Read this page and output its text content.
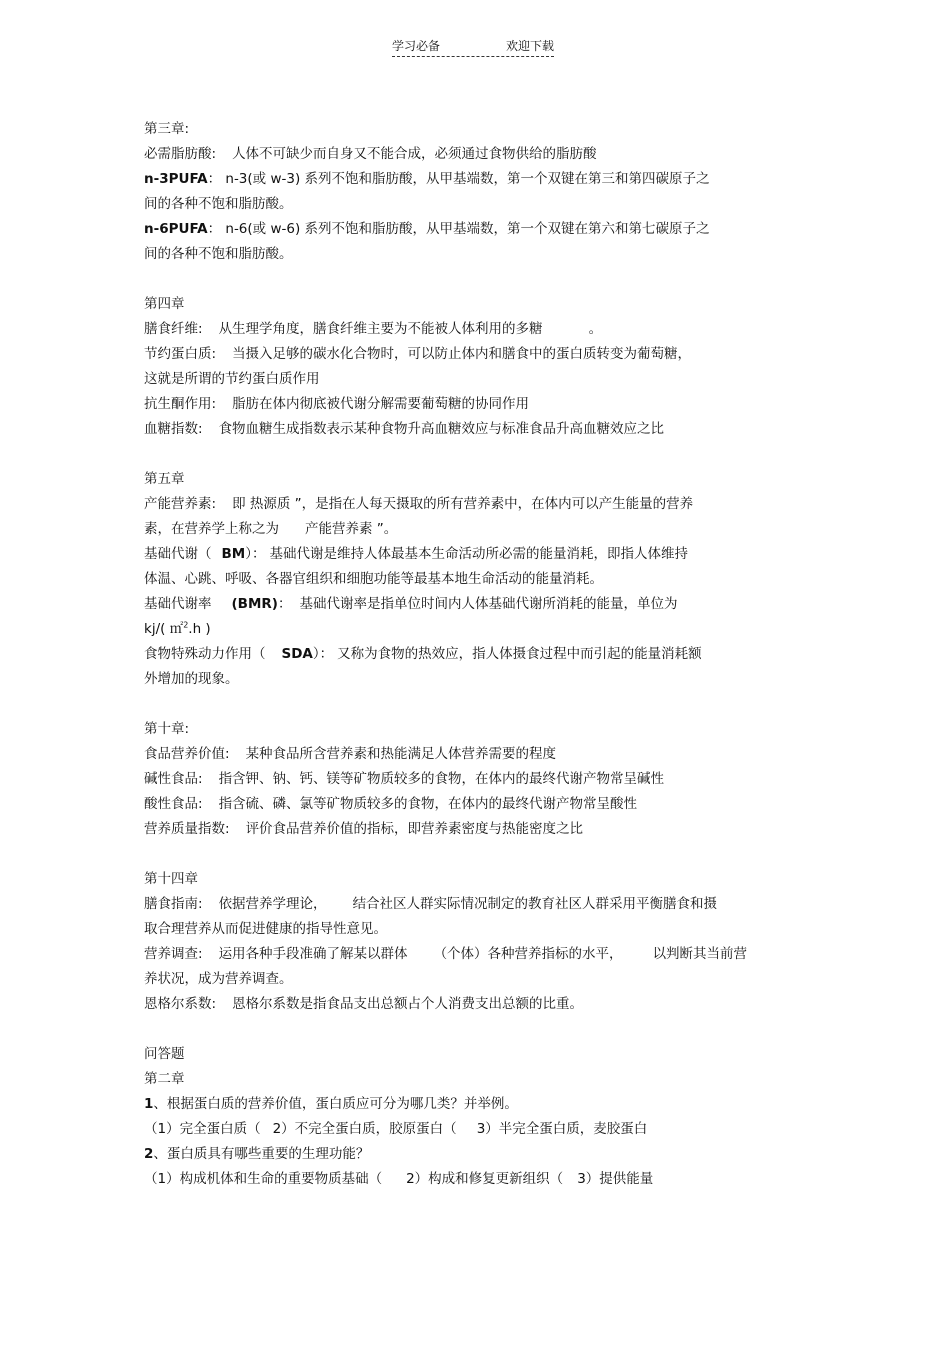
学习必备	欢迎下载
第三章:
必需脂肪酸: 人体不可缺少而自身又不能合成，必须通过食物供给的脂肪酸
n-3PUFA： n-3(或 w-3) 系列不饱和脂肪酸，从甲基端数，第一个双键在第三和第四碳原子之
间的各种不饱和脂肪酸。
n-6PUFA： n-6(或 w-6) 系列不饱和脂肪酸，从甲基端数，第一个双键在第六和第七碳原子之
间的各种不饱和脂肪酸。
第四章
膳食纤维: 从生理学角度，膳食纤维主要为不能被人体利用的多糖	。
节约蛋白质: 当摄入足够的碳水化合物时，可以防止体内和膳食中的蛋白质转变为葡萄糖，
这就是所谓的节约蛋白质作用
抗生酮作用: 脂肪在体内彻底被代谢分解需要葡萄糖的协同作用
血糖指数: 食物血糖生成指数表示某种食物升高血糖效应与标准食品升高血糖效应之比
第五章
产能营养素: 即 热源质 ”，是指在人每天摄取的所有营养素中，在体内可以产生能量的营养
素，在营养学上称之为 产能营养素 ”。
基础代谢（ BM）： 基础代谢是维持人体最基本生命活动所必需的能量消耗，即指人体维持
体温、心跳、呼吸、各器官组织和细胞功能等最基本地生命活动的能量消耗。
基础代谢率 (BMR)： 基础代谢率是指单位时间内人体基础代谢所消耗的能量，单位为
kj/( ㎡$^2$.h )
食物特殊动力作用（ SDA）： 又称为食物的热效应，指人体摄食过程中而引起的能量消耗额
外增加的现象。
第十章:
食品营养价值: 某种食品所含营养素和热能满足人体营养需要的程度
碱性食品: 指含钾、钠、钙、镁等矿物质较多的食物，在体内的最终代谢产物常呈碱性
酸性食品: 指含硫、磷、氯等矿物质较多的食物，在体内的最终代谢产物常呈酸性
营养质量指数: 评价食品营养价值的指标，即营养素密度与热能密度之比
第十四章
膳食指南: 依据营养学理论， 结合社区人群实际情况制定的教育社区人群采用平衡膳食和摄
取合理营养从而促进健康的指导性意见。
营养调查: 运用各种手段准确了解某以群体 （个体）各种营养指标的水平， 以判断其当前营
养状况，成为营养调查。
恩格尔系数: 恩格尔系数是指食品支出总额占个人消费支出总额的比重。
问答题
第二章
1、根据蛋白质的营养价值，蛋白质应可分为哪几类？并举例。
（1）完全蛋白质（ 2）不完全蛋白质，胶原蛋白（ 3）半完全蛋白质，麦胶蛋白
2、蛋白质具有哪些重要的生理功能？
（1）构成机体和生命的重要物质基础（ 2）构成和修复更新组织（ 3）提供能量
